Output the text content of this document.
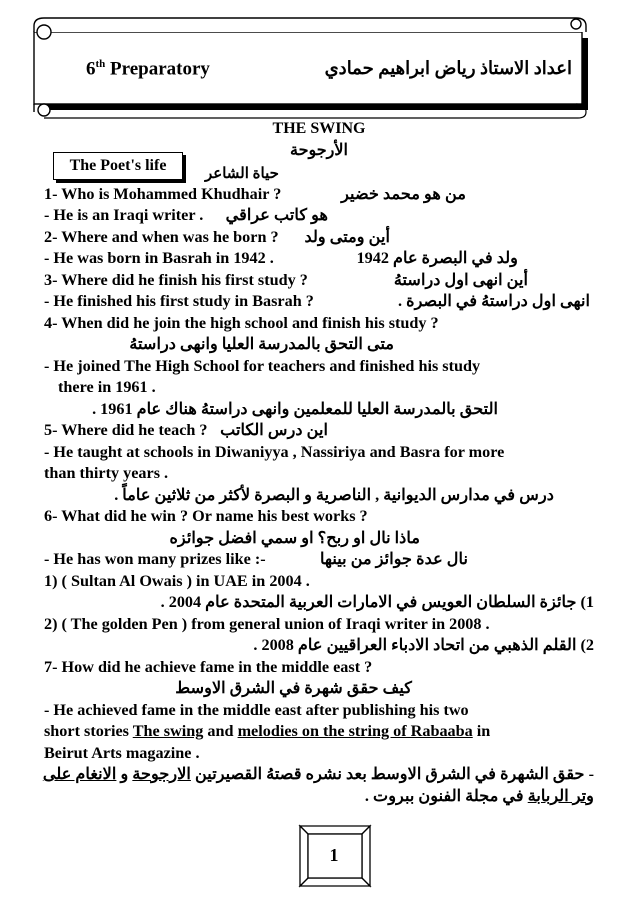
6th Preparatory	اعداد الاستاذ رياض ابراهيم حمادي
THE SWING
الأرجوحة
The Poet's life	حياة الشاعر
1- Who is Mohammed Khudhair ?	من هو محمد خضير
- He is an Iraqi writer . هو كاتب عراقي
2- Where and when was he born ? أين ومتى ولد
- He was born in Basrah in 1942 .	ولد في البصرة عام 1942
3- Where did he finish his first study ?	أين انهى اول دراستهُ
- He finished his first study in Basrah ?	انهى اول دراستهُ في البصرة .
4- When did he join the high school and finish his study ?
متى التحق بالمدرسة العليا وانهى دراستهُ
- He joined The High School for teachers and finished his study
there in 1961 .
التحق بالمدرسة العليا للمعلمين وانهى دراستهُ هناك عام 1961 .
5- Where did he teach ? اين درس الكاتب
- He taught at schools in Diwaniyya , Nassiriya and Basra for more
than thirty years .
درس في مدارس الديوانية , الناصرية و البصرة لأكثر من ثلاثين عاماً .
6- What did he win ? Or name his best works ?
ماذا نال او ربح؟ او سمي افضل جوائزه
- He has won many prizes like :-	نال عدة جوائز من بينها
1) ( Sultan Al Owais ) in UAE in 2004 .
1) جائزة السلطان العويس في الامارات العربية المتحدة عام 2004 .
2) ( The golden Pen ) from general union of Iraqi writer in 2008 .
2) القلم الذهبي من اتحاد الادباء العراقيين عام 2008 .
7- How did he achieve fame in the middle east ?
كيف حقق شهرة في الشرق الاوسط
- He achieved fame in the middle east after publishing his two
short stories The swing and melodies on the string of Rabaaba in
Beirut Arts magazine .
- حقق الشهرة في الشرق الاوسط بعد نشره قصتهُ القصيرتين الارجوحة و الانغام على
وتر الربابة في مجلة الفنون ببروت .
1
